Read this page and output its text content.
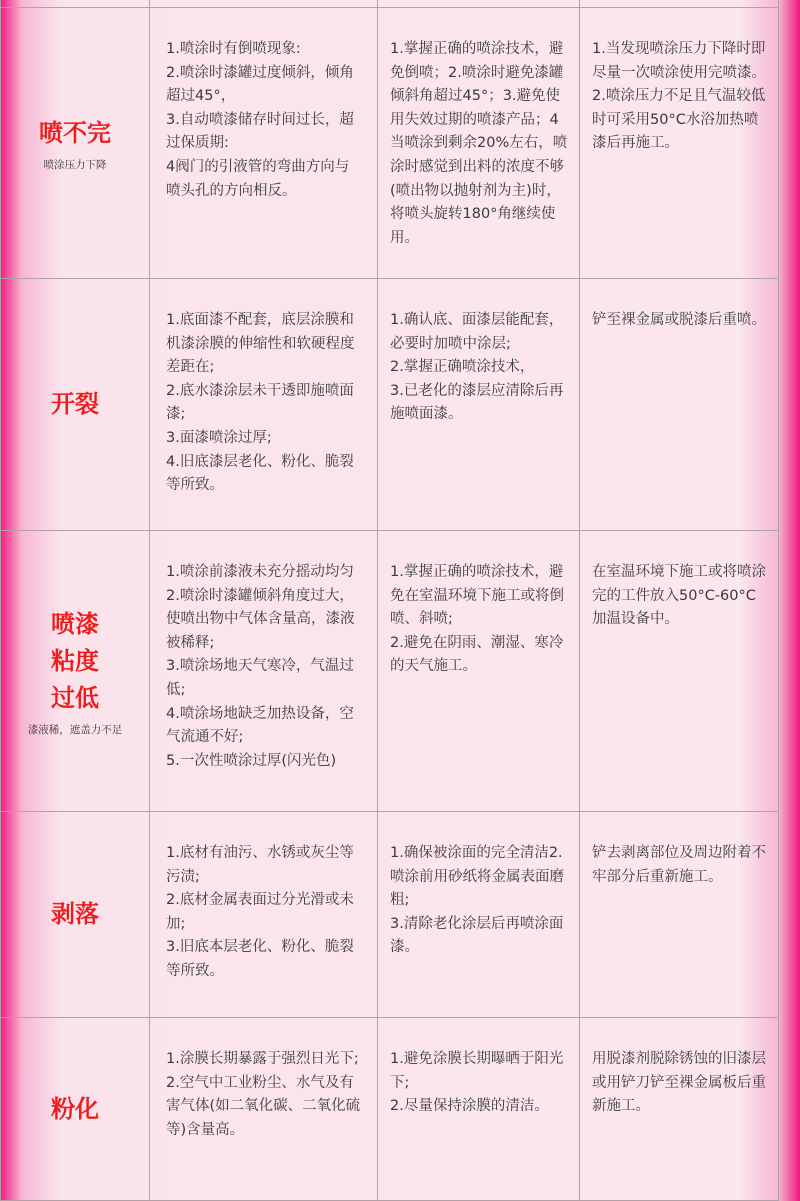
喷不完
喷涂压力下降	1.喷涂时有倒喷现象:
2.喷涂时漆罐过度倾斜，倾角超过45°，
3.自动喷漆储存时间过长，超过保质期:
4阀门的引液管的弯曲方向与喷头孔的方向相反。	1.掌握正确的喷涂技术，避免倒喷；2.喷涂时避免漆罐倾斜角超过45°；3.避免使用失效过期的喷漆产品；4当喷涂到剩余20%左右，喷涂时感觉到出料的浓度不够(喷出物以抛射剂为主)时，将喷头旋转180°角继续使用。	1.当发现喷涂压力下降时即尽量一次喷涂使用完喷漆。
2.喷涂压力不足且气温较低时可采用50°C水浴加热喷漆后再施工。

开裂	1.底面漆不配套，底层涂膜和机漆涂膜的伸缩性和软硬程度差距在;
2.底水漆涂层未干透即施喷面漆;
3.面漆喷涂过厚;
4.旧底漆层老化、粉化、脆裂等所致。	1.确认底、面漆层能配套，必要时加喷中涂层;
2.掌握正确喷涂技术，
3.已老化的漆层应清除后再施喷面漆。	铲至裸金属或脱漆后重喷。

喷漆粘度过低
漆液稀，遮盖力不足	1.喷涂前漆液未充分摇动均匀
2.喷涂时漆罐倾斜角度过大，使喷出物中气体含量高，漆液被稀释;
3.喷涂场地天气寒冷，气温过低;
4.喷涂场地缺乏加热设备，空气流通不好;
5.一次性喷涂过厚(闪光色)	1.掌握正确的喷涂技术，避免在室温环境下施工或将倒喷、斜喷;
2.避免在阴雨、潮湿、寒冷的天气施工。	在室温环境下施工或将喷涂完的工件放入50°C-60°C加温设备中。

剥落	1.底材有油污、水锈或灰尘等污渍;
2.底材金属表面过分光滑或未加;
3.旧底本层老化、粉化、脆裂等所致。	1.确保被涂面的完全清洁2.喷涂前用砂纸将金属表面磨粗;
3.清除老化涂层后再喷涂面漆。	铲去剥离部位及周边附着不牢部分后重新施工。

粉化	1.涂膜长期暴露于强烈日光下;
2.空气中工业粉尘、水气及有害气体(如二氧化碳、二氧化硫等)含量高。	1.避免涂膜长期曝晒于阳光下;
2.尽量保持涂膜的清洁。	用脱漆剂脱除锈蚀的旧漆层或用铲刀铲至裸金属板后重新施工。
